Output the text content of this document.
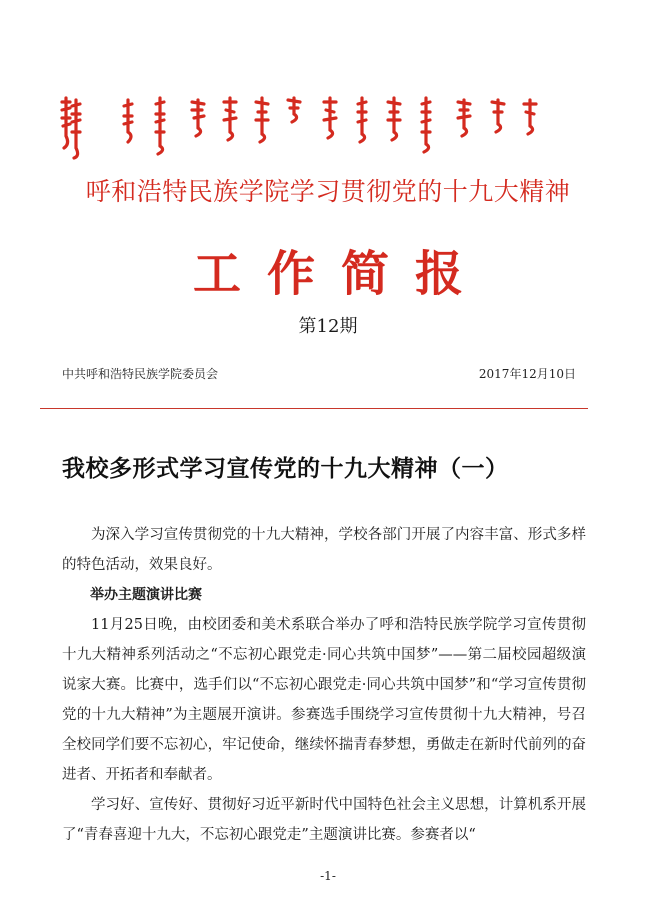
呼和浩特民族学院学习贯彻党的十九大精神
工作简报
第12期
中共呼和浩特民族学院委员会	2017年12月10日
我校多形式学习宣传党的十九大精神（一）

为深入学习宣传贯彻党的十九大精神，学校各部门开展了内容丰富、形式多样的特色活动，效果良好。

举办主题演讲比赛

11月25日晚，由校团委和美术系联合举办了呼和浩特民族学院学习宣传贯彻十九大精神系列活动之“不忘初心跟党走·同心共筑中国梦”——第二届校园超级演说家大赛。比赛中，选手们以“不忘初心跟党走·同心共筑中国梦”和“学习宣传贯彻党的十九大精神”为主题展开演讲。参赛选手围绕学习宣传贯彻十九大精神，号召全校同学们要不忘初心，牢记使命，继续怀揣青春梦想，勇做走在新时代前列的奋进者、开拓者和奉献者。

学习好、宣传好、贯彻好习近平新时代中国特色社会主义思想，计算机系开展了“青春喜迎十九大，不忘初心跟党走”主题演讲比赛。参赛者以“

-1-
